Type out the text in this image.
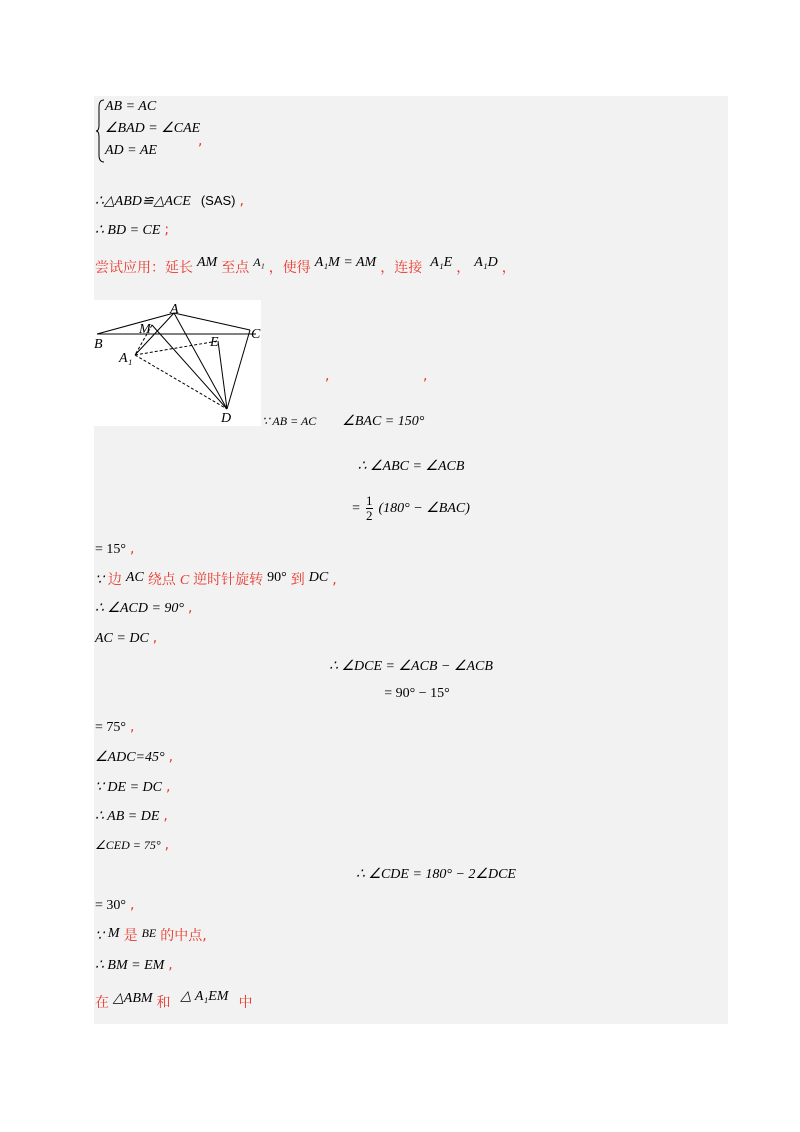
AB = AC
∠BAD = ∠CAE
AD = AE
,
∴△ABD≌△ACE (SAS) ,
∴ BD = CE ;
尝试应用：延长 AM 至点 $^{A_1}$ ，使得 A₁M = AM ，连接 A₁E ， A₁D ，
A
M
B
C
E
A₁
D
,	,
∵ AB = AC ∠BAC = 150°
∴ ∠ABC = ∠ACB
= $\frac{1}{2} (180^\circ$ − ∠BAC)
= 15° ,
∵ 边 AC 绕点 C 逆时针旋转 90° 到 DC ,
∴ ∠ACD = 90° ,
AC = DC ,
∴ ∠DCE = ∠ACB − ∠ACB
= 90° − 15°
= 75° ,
∠ADC=45° ,
∵ DE = DC ,
∴ AB = DE ,
∠CED = 75° ,
∴ ∠CDE = 180° − 2∠DCE
= 30° ,
∵ M 是 BE 的中点,
∴ BM = EM ,
在 △ABM 和 △ A₁EM 中
